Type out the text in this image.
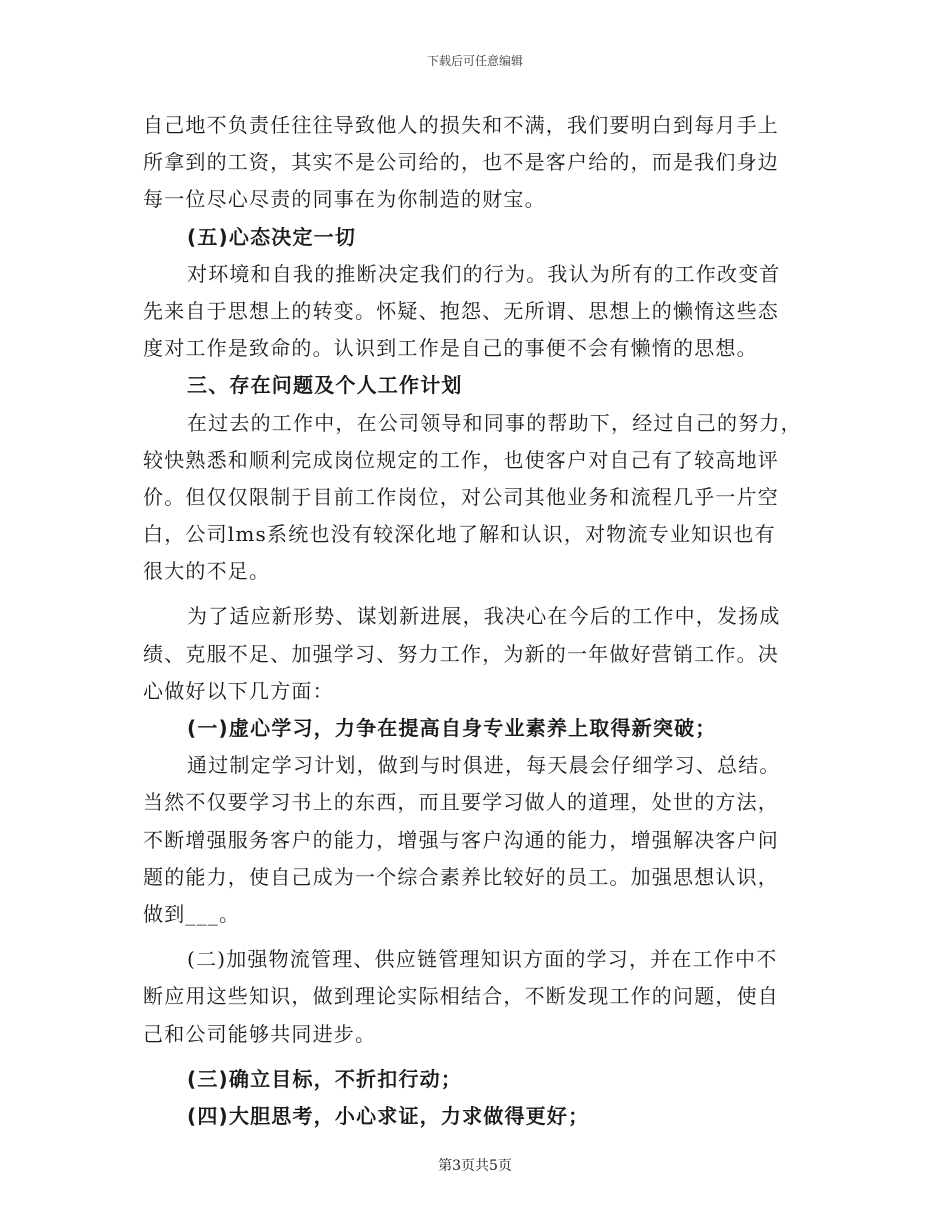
下载后可任意编辑
自己地不负责任往往导致他人的损失和不满，我们要明白到每月手上
所拿到的工资，其实不是公司给的，也不是客户给的，而是我们身边
每一位尽心尽责的同事在为你制造的财宝。
(五)心态决定一切
对环境和自我的推断决定我们的行为。我认为所有的工作改变首
先来自于思想上的转变。怀疑、抱怨、无所谓、思想上的懒惰这些态
度对工作是致命的。认识到工作是自己的事便不会有懒惰的思想。
三、存在问题及个人工作计划
在过去的工作中，在公司领导和同事的帮助下，经过自己的努力，
较快熟悉和顺利完成岗位规定的工作，也使客户对自己有了较高地评
价。但仅仅限制于目前工作岗位，对公司其他业务和流程几乎一片空
白，公司lms系统也没有较深化地了解和认识，对物流专业知识也有
很大的不足。
为了适应新形势、谋划新进展，我决心在今后的工作中，发扬成
绩、克服不足、加强学习、努力工作，为新的一年做好营销工作。决
心做好以下几方面：
(一)虚心学习，力争在提高自身专业素养上取得新突破；
通过制定学习计划，做到与时俱进，每天晨会仔细学习、总结。
当然不仅要学习书上的东西，而且要学习做人的道理，处世的方法，
不断增强服务客户的能力，增强与客户沟通的能力，增强解决客户问
题的能力，使自己成为一个综合素养比较好的员工。加强思想认识，
做到___。
(二)加强物流管理、供应链管理知识方面的学习，并在工作中不
断应用这些知识，做到理论实际相结合，不断发现工作的问题，使自
己和公司能够共同进步。
(三)确立目标，不折扣行动；
(四)大胆思考，小心求证，力求做得更好；
第3页共5页
